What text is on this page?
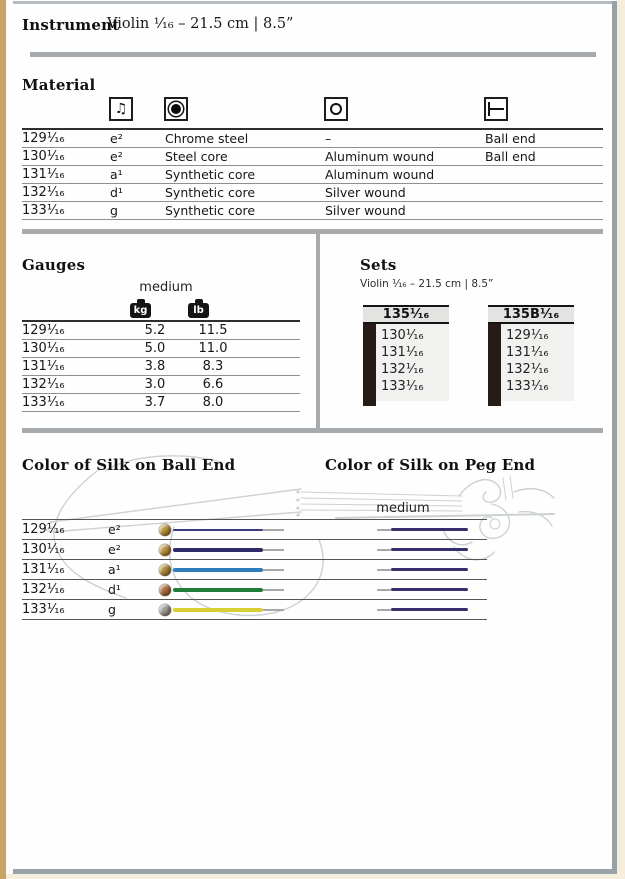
Instrument
Violin ¹⁄₁₆ – 21.5 cm | 8.5”
Material
♫
129¹⁄₁₆	e²	Chrome steel	–	Ball end
130¹⁄₁₆	e²	Steel core	Aluminum wound	Ball end
131¹⁄₁₆	a¹	Synthetic core	Aluminum wound
132¹⁄₁₆	d¹	Synthetic core	Silver wound
133¹⁄₁₆	g	Synthetic core	Silver wound
Gauges
medium
kg	lb
129¹⁄₁₆	5.2	11.5
130¹⁄₁₆	5.0	11.0
131¹⁄₁₆	3.8	8.3
132¹⁄₁₆	3.0	6.6
133¹⁄₁₆	3.7	8.0
Sets
Violin ¹⁄₁₆ – 21.5 cm | 8.5”
135¹⁄₁₆
130¹⁄₁₆
131¹⁄₁₆
132¹⁄₁₆
133¹⁄₁₆
135B¹⁄₁₆
129¹⁄₁₆
131¹⁄₁₆
132¹⁄₁₆
133¹⁄₁₆
Color of Silk on Ball End	Color of Silk on Peg End
medium
129¹⁄₁₆	e²
130¹⁄₁₆	e²
131¹⁄₁₆	a¹
132¹⁄₁₆	d¹
133¹⁄₁₆	g
